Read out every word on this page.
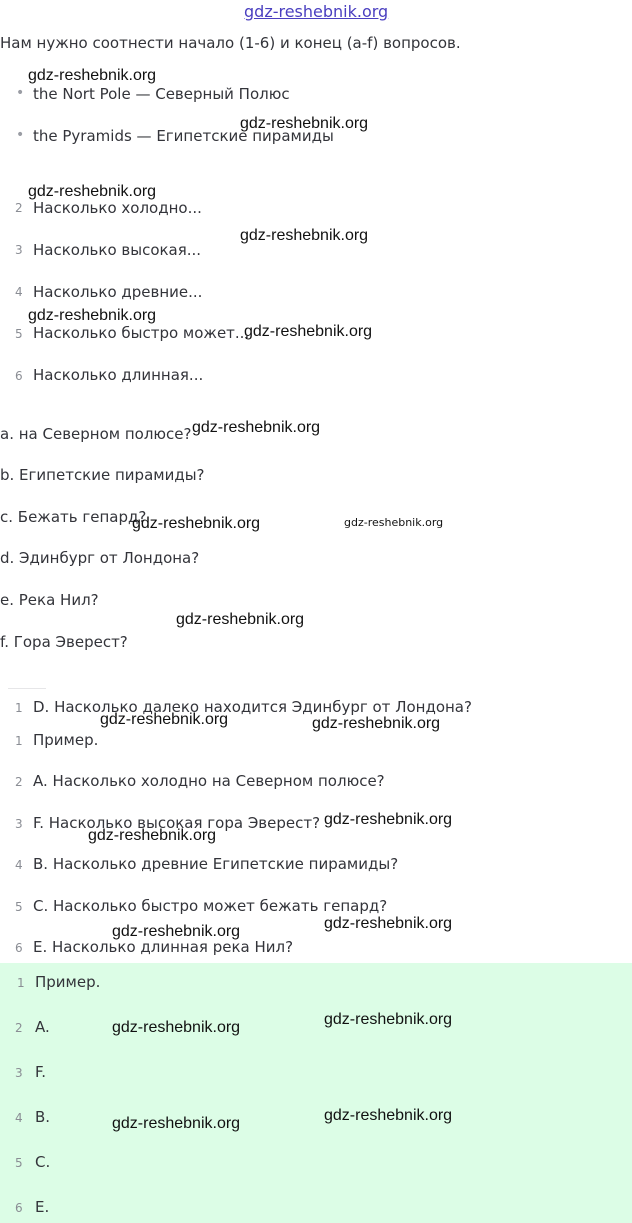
gdz-reshebnik.org
Нам нужно соотнести начало (1-6) и конец (a-f) вопросов.
• the Nort Pole — Северный Полюс
• the Pyramids — Египетские пирамиды
2 Насколько холодно...
3 Насколько высокая...
4 Насколько древние...
5 Насколько быстро может...
6 Насколько длинная...
a. на Северном полюсе?
b. Египетские пирамиды?
c. Бежать гепард?
d. Эдинбург от Лондона?
e. Река Нил?
f. Гора Эверест?
1 D. Насколько далеко находится Эдинбург от Лондона?
1 Пример.
2 A. Насколько холодно на Северном полюсе?
3 F. Насколько высокая гора Эверест?
4 B. Насколько древние Египетские пирамиды?
5 C. Насколько быстро может бежать гепард?
6 E. Насколько длинная река Нил?
1 Пример.
2 A.
3 F.
4 B.
5 C.
6 E.
gdz-reshebnik.org
gdz-reshebnik.org
gdz-reshebnik.org
gdz-reshebnik.org
gdz-reshebnik.org
gdz-reshebnik.org
gdz-reshebnik.org
gdz-reshebnik.org	gdz-reshebnik.org
gdz-reshebnik.org
gdz-reshebnik.org	gdz-reshebnik.org
gdz-reshebnik.org
gdz-reshebnik.org
gdz-reshebnik.org
gdz-reshebnik.org
gdz-reshebnik.org
gdz-reshebnik.org
gdz-reshebnik.org
gdz-reshebnik.org
